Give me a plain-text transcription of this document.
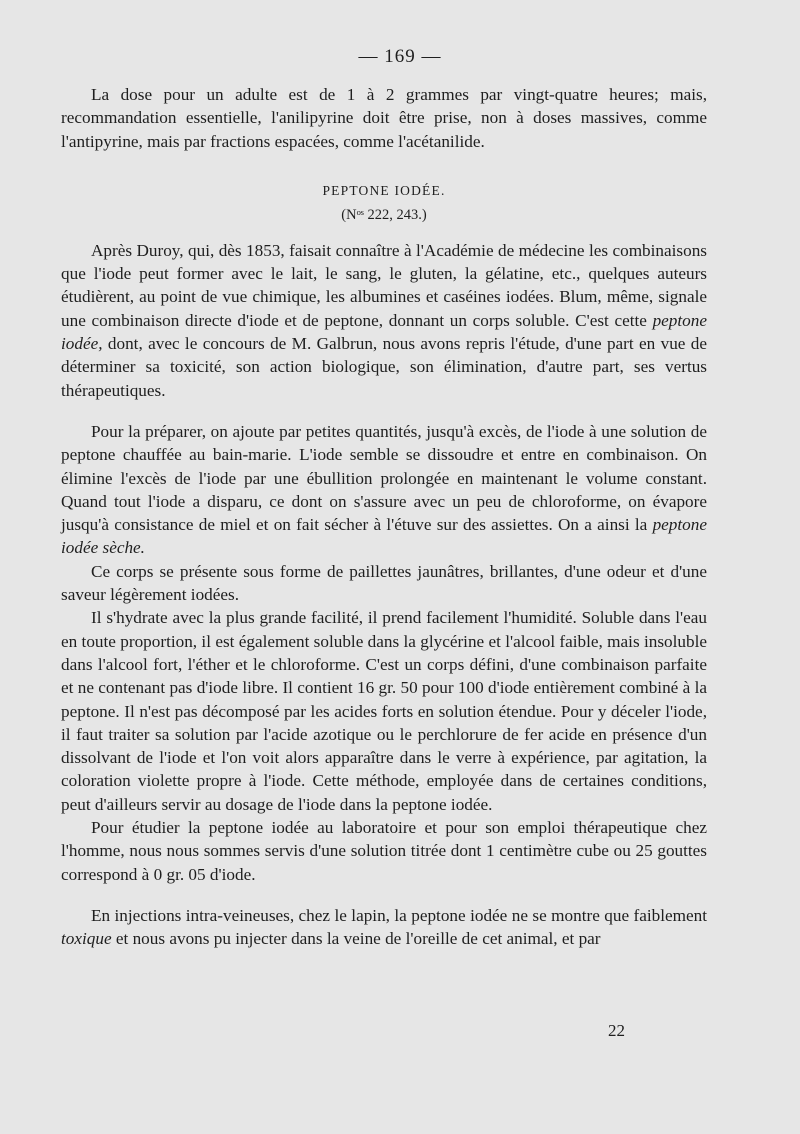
— 169 —

La dose pour un adulte est de 1 à 2 grammes par vingt-quatre heures; mais, recommandation essentielle, l'anilipyrine doit être prise, non à doses massives, comme l'antipyrine, mais par fractions espacées, comme l'acétanilide.

PEPTONE IODÉE.
(Nᵒˢ 222, 243.)

Après Duroy, qui, dès 1853, faisait connaître à l'Académie de médecine les combinaisons que l'iode peut former avec le lait, le sang, le gluten, la gélatine, etc., quelques auteurs étudièrent, au point de vue chimique, les albumines et caséines iodées. Blum, même, signale une combinaison directe d'iode et de peptone, donnant un corps soluble. C'est cette peptone iodée, dont, avec le concours de M. Galbrun, nous avons repris l'étude, d'une part en vue de déterminer sa toxicité, son action biologique, son élimination, d'autre part, ses vertus thérapeutiques.

Pour la préparer, on ajoute par petites quantités, jusqu'à excès, de l'iode à une solution de peptone chauffée au bain-marie. L'iode semble se dissoudre et entre en combinaison. On élimine l'excès de l'iode par une ébullition prolongée en maintenant le volume constant. Quand tout l'iode a disparu, ce dont on s'assure avec un peu de chloroforme, on évapore jusqu'à consistance de miel et on fait sécher à l'étuve sur des assiettes. On a ainsi la peptone iodée sèche.

Ce corps se présente sous forme de paillettes jaunâtres, brillantes, d'une odeur et d'une saveur légèrement iodées.

Il s'hydrate avec la plus grande facilité, il prend facilement l'humidité. Soluble dans l'eau en toute proportion, il est également soluble dans la glycérine et l'alcool faible, mais insoluble dans l'alcool fort, l'éther et le chloroforme. C'est un corps défini, d'une combinaison parfaite et ne contenant pas d'iode libre. Il contient 16 gr. 50 pour 100 d'iode entièrement combiné à la peptone. Il n'est pas décomposé par les acides forts en solution étendue. Pour y déceler l'iode, il faut traiter sa solution par l'acide azotique ou le perchlorure de fer acide en présence d'un dissolvant de l'iode et l'on voit alors apparaître dans le verre à expérience, par agitation, la coloration violette propre à l'iode. Cette méthode, employée dans de certaines conditions, peut d'ailleurs servir au dosage de l'iode dans la peptone iodée.

Pour étudier la peptone iodée au laboratoire et pour son emploi thérapeutique chez l'homme, nous nous sommes servis d'une solution titrée dont 1 centimètre cube ou 25 gouttes correspond à 0 gr. 05 d'iode.

En injections intra-veineuses, chez le lapin, la peptone iodée ne se montre que faiblement toxique et nous avons pu injecter dans la veine de l'oreille de cet animal, et par

22
